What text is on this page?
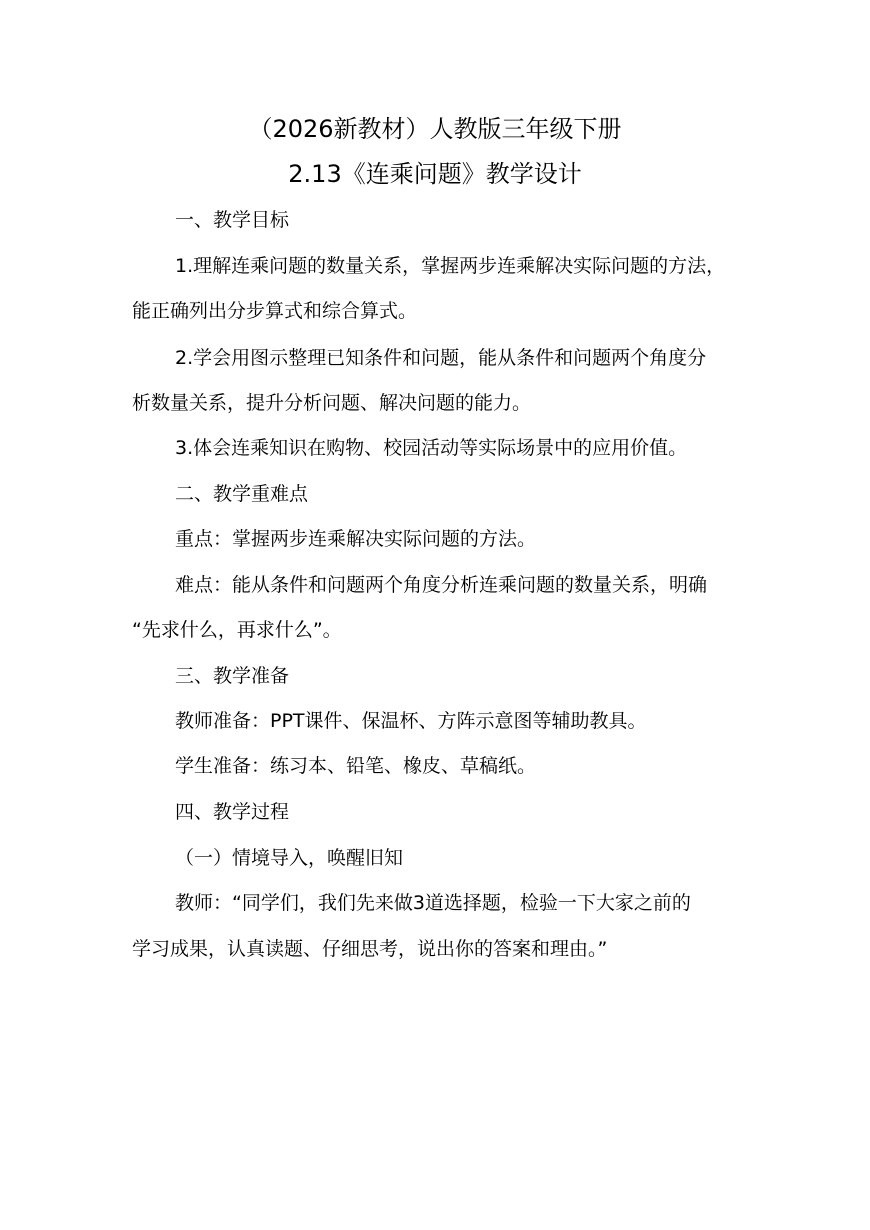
（2026新教材）人教版三年级下册
2.13《连乘问题》教学设计
一、教学目标
1.理解连乘问题的数量关系，掌握两步连乘解决实际问题的方法，
能正确列出分步算式和综合算式。
2.学会用图示整理已知条件和问题，能从条件和问题两个角度分
析数量关系，提升分析问题、解决问题的能力。
3.体会连乘知识在购物、校园活动等实际场景中的应用价值。
二、教学重难点
重点：掌握两步连乘解决实际问题的方法。
难点：能从条件和问题两个角度分析连乘问题的数量关系，明确
“先求什么，再求什么”。
三、教学准备
教师准备：PPT课件、保温杯、方阵示意图等辅助教具。
学生准备：练习本、铅笔、橡皮、草稿纸。
四、教学过程
（一）情境导入，唤醒旧知
教师：“同学们，我们先来做3道选择题，检验一下大家之前的
学习成果，认真读题、仔细思考，说出你的答案和理由。”
